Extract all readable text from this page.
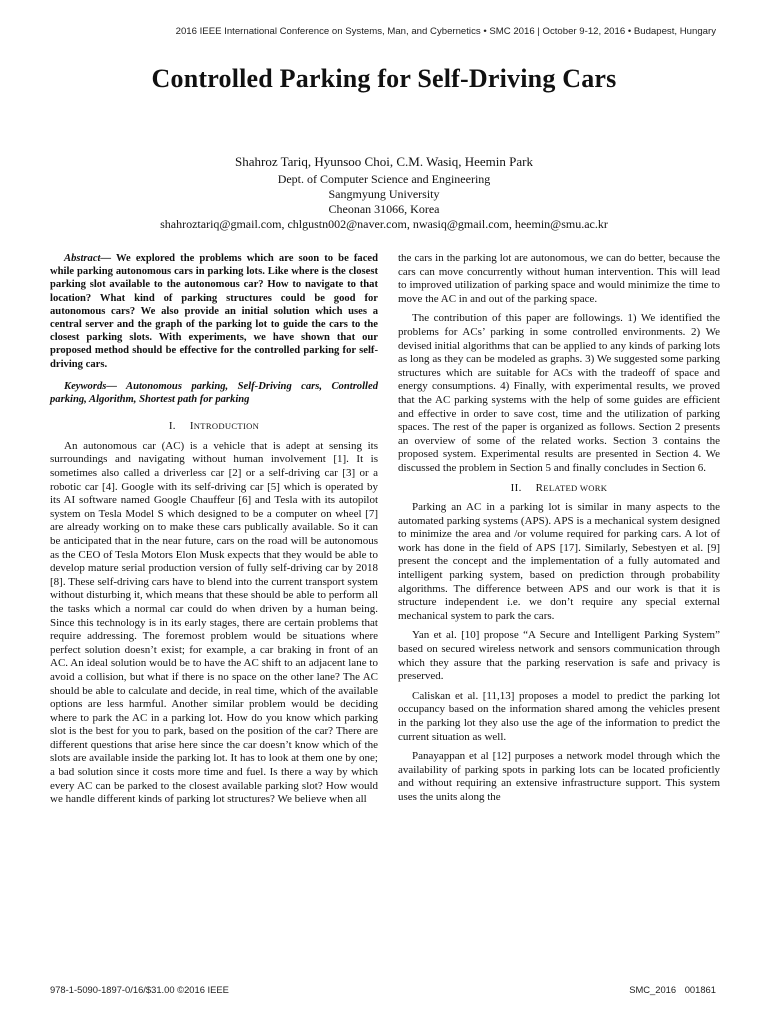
2016 IEEE International Conference on Systems, Man, and Cybernetics • SMC 2016 | October 9-12, 2016 • Budapest, Hungary
Controlled Parking for Self-Driving Cars
Shahroz Tariq, Hyunsoo Choi, C.M. Wasiq, Heemin Park
Dept. of Computer Science and Engineering
Sangmyung University
Cheonan 31066, Korea
shahroztariq@gmail.com, chlgustn002@naver.com, nwasiq@gmail.com, heemin@smu.ac.kr

Abstract— We explored the problems which are soon to be faced while parking autonomous cars in parking lots. Like where is the closest parking slot available to the autonomous car? How to navigate to that location? What kind of parking structures could be good for autonomous cars? We also provide an initial solution which uses a central server and the graph of the parking lot to guide the cars to the closest parking slots. With experiments, we have shown that our proposed method should be effective for the controlled parking for self-driving cars.

Keywords— Autonomous parking, Self-Driving cars, Controlled parking, Algorithm, Shortest path for parking

I. INTRODUCTION

An autonomous car (AC) is a vehicle that is adept at sensing its surroundings and navigating without human involvement [1]. It is sometimes also called a driverless car [2] or a self-driving car [3] or a robotic car [4]. Google with its self-driving car [5] which is operated by its AI software named Google Chauffeur [6] and Tesla with its autopilot system on Tesla Model S which designed to be a computer on wheel [7] are already working on to make these cars publically available. So it can be anticipated that in the near future, cars on the road will be autonomous as the CEO of Tesla Motors Elon Musk expects that they would be able to develop mature serial production version of fully self-driving car by 2018 [8]. These self-driving cars have to blend into the current transport system without disturbing it, which means that these should be able to perform all the tasks which a normal car could do when driven by a human being. Since this technology is in its early stages, there are certain problems that require addressing. The foremost problem would be situations where perfect solution doesn’t exist; for example, a car braking in front of an AC. An ideal solution would be to have the AC shift to an adjacent lane to avoid a collision, but what if there is no space on the other lane? The AC should be able to calculate and decide, in real time, which of the available options are less harmful. Another similar problem would be deciding where to park the AC in a parking lot. How do you know which parking slot is the best for you to park, based on the position of the car? There are different questions that arise here since the car doesn’t know which of the slots are available inside the parking lot. It has to look at them one by one; a bad solution since it costs more time and fuel. Is there a way by which every AC can be parked to the closest available parking slot? How would we handle different kinds of parking lot structures? We believe when all

the cars in the parking lot are autonomous, we can do better, because the cars can move concurrently without human intervention. This will lead to improved utilization of parking space and would minimize the time to move the AC in and out of the parking space.

The contribution of this paper are followings. 1) We identified the problems for ACs’ parking in some controlled environments. 2) We devised initial algorithms that can be applied to any kinds of parking lots as long as they can be modeled as graphs. 3) We suggested some parking structures which are suitable for ACs with the tradeoff of space and energy consumptions. 4) Finally, with experimental results, we proved that the AC parking systems with the help of some guides are efficient and effective in order to save cost, time and the utilization of parking spaces. The rest of the paper is organized as follows. Section 2 presents an overview of some of the related works. Section 3 contains the proposed system. Experimental results are presented in Section 4. We discussed the problem in Section 5 and finally concludes in Section 6.

II. RELATED WORK

Parking an AC in a parking lot is similar in many aspects to the automated parking systems (APS). APS is a mechanical system designed to minimize the area and /or volume required for parking cars. A lot of work has done in the field of APS [17]. Similarly, Sebestyen et al. [9] present the concept and the implementation of a fully automated and intelligent parking system, based on prediction through probability algorithms. The difference between APS and our work is that it is structure independent i.e. we don’t require any special external mechanical system to park the cars.

Yan et al. [10] propose “A Secure and Intelligent Parking System” based on secured wireless network and sensors communication through which they assure that the parking reservation is safe and privacy is preserved.

Caliskan et al. [11,13] proposes a model to predict the parking lot occupancy based on the information shared among the vehicles present in the parking lot they also use the age of the information to predict the current situation as well.

Panayappan et al [12] purposes a network model through which the availability of parking spots in parking lots can be located proficiently and without requiring an extensive infrastructure support. This system uses the units along the

978-1-5090-1897-0/16/$31.00 ©2016 IEEE	SMC_2016 001861
